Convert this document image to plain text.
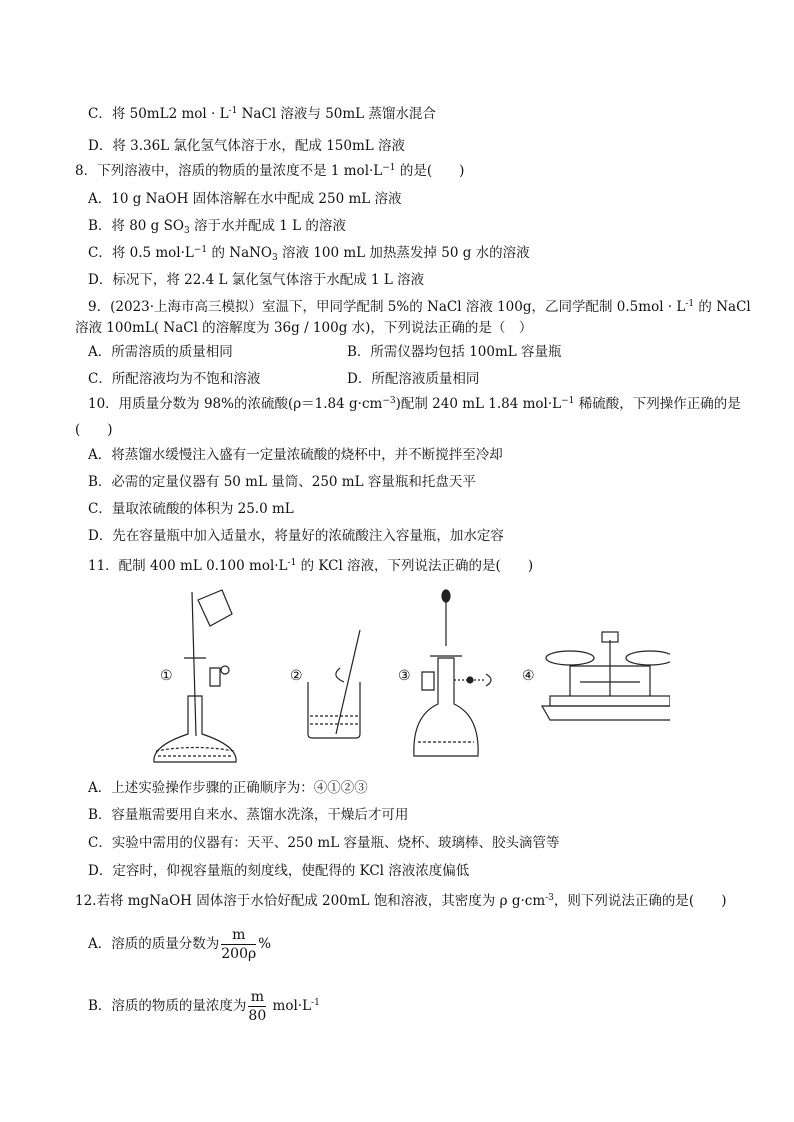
C．将 50mL2 mol · $L^{-1}$ NaCl 溶液与 50mL 蒸馏水混合
D．将 3.36L 氯化氢气体溶于水，配成 150mL 溶液
8．下列溶液中，溶质的物质的量浓度不是 1 $mol\cdot L^{-1}$ 的是(　　)
A．10 g NaOH 固体溶解在水中配成 250 mL 溶液
B．将 80 g $SO_3$ 溶于水并配成 1 L 的溶液
C．将 0.5 $mol\cdot L^{-1}$ 的 NaNO$_3$ 溶液 100 mL 加热蒸发掉 50 g 水的溶液
D．标况下，将 22.4 L 氯化氢气体溶于水配成 1 L 溶液
9．(2023·上海市高三模拟）室温下，甲同学配制 5%的 NaCl 溶液 100g，乙同学配制 $0.5mol \cdot L^{-1}$ 的 NaCl
溶液 100mL( NaCl 的溶解度为 36g / 100g 水)，下列说法正确的是（　）
A．所需溶质的质量相同	B．所需仪器均包括 100mL 容量瓶
C．所配溶液均为不饱和溶液	D．所配溶液质量相同
10．用质量分数为 98%的浓硫酸(ρ＝1.84 $g\cdot cm^{-3}$)配制 240 mL 1.84 $mol\cdot L^{-1}$ 稀硫酸，下列操作正确的是
(　　)
A．将蒸馏水缓慢注入盛有一定量浓硫酸的烧杯中，并不断搅拌至冷却
B．必需的定量仪器有 50 mL 量筒、250 mL 容量瓶和托盘天平
C．量取浓硫酸的体积为 25.0 mL
D．先在容量瓶中加入适量水，将量好的浓硫酸注入容量瓶，加水定容
11．配制 400 mL 0.100 $mol\cdot L^{-1}$ 的 KCl 溶液，下列说法正确的是(　　)
①	②	③	④
A．上述实验操作步骤的正确顺序为：④①②③
B．容量瓶需要用自来水、蒸馏水洗涤，干燥后才可用
C．实验中需用的仪器有：天平、250 mL 容量瓶、烧杯、玻璃棒、胶头滴管等
D．定容时，仰视容量瓶的刻度线，使配得的 KCl 溶液浓度偏低
12.若将 mgNaOH 固体溶于水恰好配成 200mL 饱和溶液，其密度为 ρ $g\cdot cm^{-3}$，则下列说法正确的是(　　)
A．溶质的质量分数为 $\frac{m}{200\rho}$ %
B．溶质的物质的量浓度为 $\frac{m}{80} mol\cdot L^{-1}$
